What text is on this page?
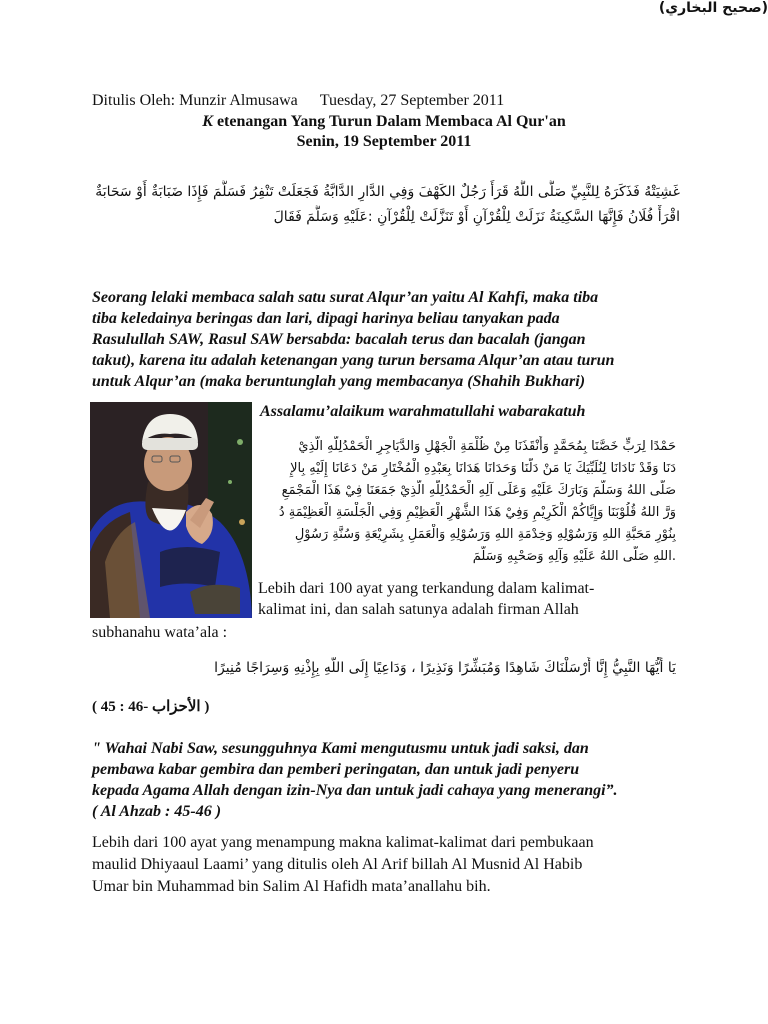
Ditulis Oleh: Munzir Almusawa Tuesday, 27 September 2011
K etenangan Yang Turun Dalam Membaca Al Qur'an
Senin, 19 September 2011
غَشِيَتْهُ فَذَكَرَهُ لِلنَّبِيِّ صَلَّى اللَّهُ قَرَأَ رَجُلٌ الكَهْفَ وَفِي الدَّارِ الدَّابَّةُ فَجَعَلَتْ تَنْفِرُ فَسَلَّمَ فَإِذَا ضَبَابَةٌ أَوْ سَحَابَةٌ
اقْرَأْ فُلَانُ فَإِنَّهَا السَّكِينَةُ نَزَلَتْ لِلْقُرْآنِ أَوْ تَنَزَّلَتْ لِلْقُرْآنِ :عَلَيْهِ وَسَلَّمَ فَقَالَ
(صحيح البخاري)
Seorang lelaki membaca salah satu surat Alqur’an yaitu Al Kahfi, maka tiba
tiba keledainya beringas dan lari, dipagi harinya beliau tanyakan pada
Rasulullah SAW, Rasul SAW bersabda: bacalah terus dan bacalah (jangan
takut), karena itu adalah ketenangan yang turun bersama Alqur’an atau turun
untuk Alqur’an (maka beruntunglah yang membacanya (Shahih Bukhari)
Assalamu’alaikum warahmatullahi wabarakatuh
حَمْدًا لِرَبٍّ خَصَّنَا بِمُحَمَّدٍ وَأَنْقَذَنَا مِنْ ظُلْمَةِ الْجَهْلِ وَالدَّيَاجِرِ الْحَمْدُلِلَّهِ الَّذِيْ
دَنَا وَقَدْ نَادَانَا لِنُلَبِّيَكَ يَا مَنْ دَلَّنَا وَحَدَانَا هَدَانَا بِعَبْدِهِ الْمُخْتَارِ مَنْ دَعَانَا إِلَيْهِ بِالإِ
صَلَّى اللهُ وَسَلَّمَ وَبَارَكَ عَلَيْهِ وَعَلَى آلِهِ الْحَمْدُلِلَّهِ الَّذِيْ جَمَعَنَا فِيْ هَذَا الْمَجْمَعِ
وَرَّ اللهُ قُلُوْبَنَا وَإِيَّاكُمْ الْكَرِيْمِ وَفِيْ هَذَا الشَّهْرِ الْعَظِيْمِ وَفِي الْجَلْسَةِ الْعَظِيْمَةِ دُ
بِنُوْرِ مَحَبَّةِ اللهِ وَرَسُوْلِهِ وَخِدْمَةِ اللهِ وَرَسُوْلِهِ وَالْعَمَلِ بِشَرِيْعَةِ وَسُنَّةِ رَسُوْلِ
.اللهِ صَلَّى اللهُ عَلَيْهِ وَآلِهِ وَصَحْبِهِ وَسَلَّمَ
Lebih dari 100 ayat yang terkandung dalam kalimat-
kalimat ini, dan salah satunya adalah firman Allah
subhanahu wata’ala :
يَا أَيُّهَا النَّبِيُّ إِنَّا أَرْسَلْنَاكَ شَاهِدًا وَمُبَشِّرًا وَنَذِيرًا ، وَدَاعِيًا إِلَى اللَّهِ بِإِذْنِهِ وَسِرَاجًا مُنِيرًا
( 45 : الأحزاب -46 )
" Wahai Nabi Saw, sesungguhnya Kami mengutusmu untuk jadi saksi, dan
pembawa kabar gembira dan pemberi peringatan, dan untuk jadi penyeru
kepada Agama Allah dengan izin-Nya dan untuk jadi cahaya yang menerangi”.
( Al Ahzab : 45-46 )
Lebih dari 100 ayat yang menampung makna kalimat-kalimat dari pembukaan
maulid Dhiyaaul Laami’ yang ditulis oleh Al Arif billah Al Musnid Al Habib
Umar bin Muhammad bin Salim Al Hafidh mata’anallahu bih.
